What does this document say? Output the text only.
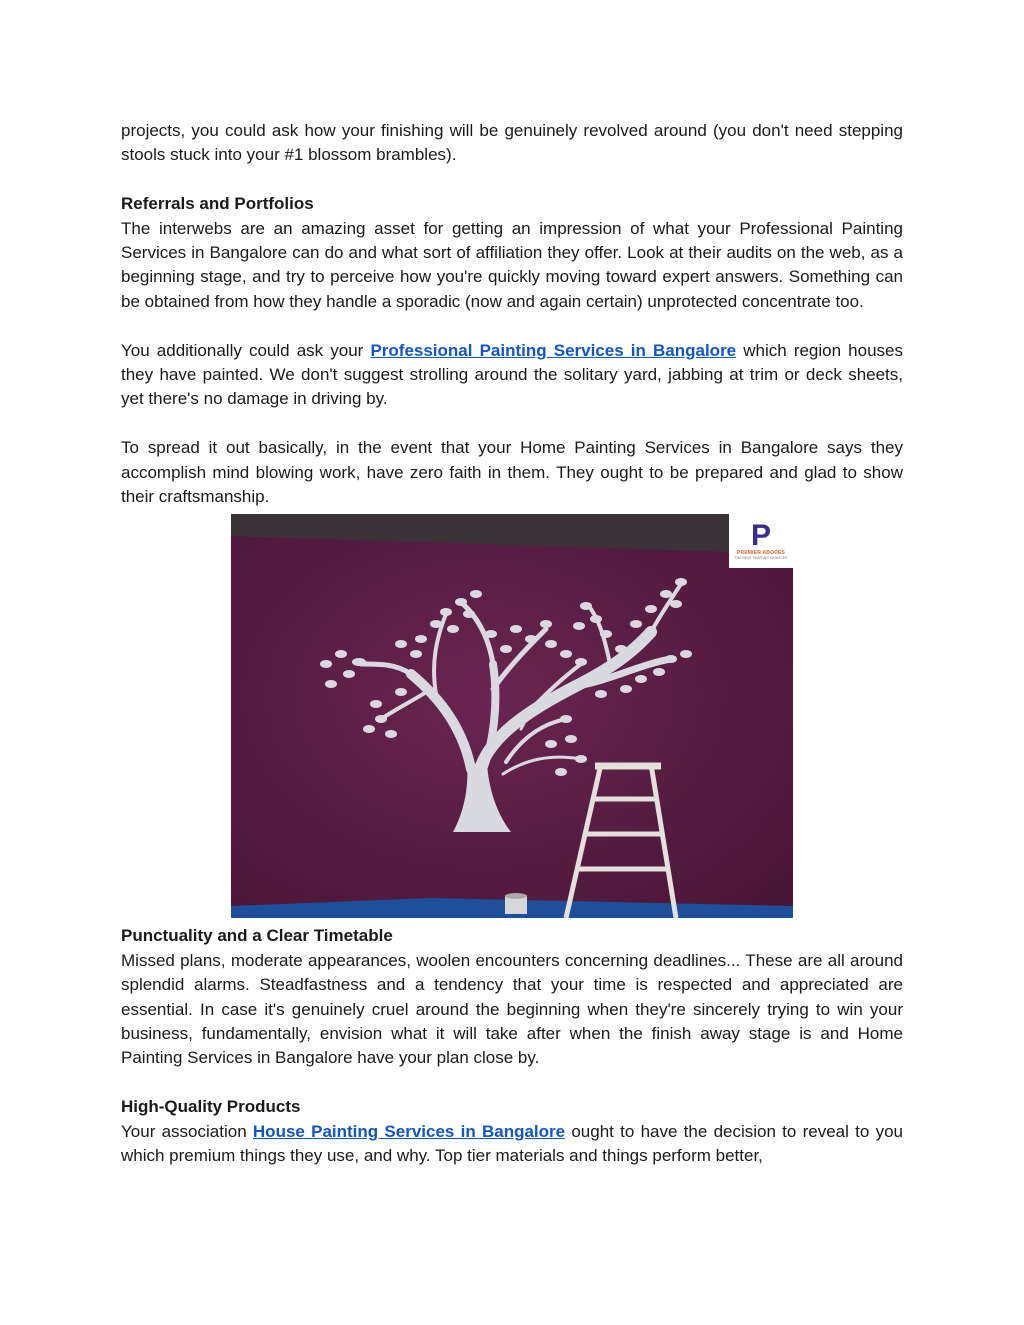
projects, you could ask how your finishing will be genuinely revolved around (you don't need stepping stools stuck into your #1 blossom brambles).

Referrals and Portfolios

The interwebs are an amazing asset for getting an impression of what your Professional Painting Services in Bangalore can do and what sort of affiliation they offer. Look at their audits on the web, as a beginning stage, and try to perceive how you're quickly moving toward expert answers. Something can be obtained from how they handle a sporadic (now and again certain) unprotected concentrate too.

You additionally could ask your Professional Painting Services in Bangalore which region houses they have painted. We don't suggest strolling around the solitary yard, jabbing at trim or deck sheets, yet there's no damage in driving by.

To spread it out basically, in the event that your Home Painting Services in Bangalore says they accomplish mind blowing work, have zero faith in them. They ought to be prepared and glad to show their craftsmanship.

P
PREMIER ABODES
THE BEST PAINTING SERVICES

Punctuality and a Clear Timetable

Missed plans, moderate appearances, woolen encounters concerning deadlines... These are all around splendid alarms. Steadfastness and a tendency that your time is respected and appreciated are essential. In case it's genuinely cruel around the beginning when they're sincerely trying to win your business, fundamentally, envision what it will take after when the finish away stage is and Home Painting Services in Bangalore have your plan close by.

High-Quality Products

Your association House Painting Services in Bangalore ought to have the decision to reveal to you which premium things they use, and why. Top tier materials and things perform better,
